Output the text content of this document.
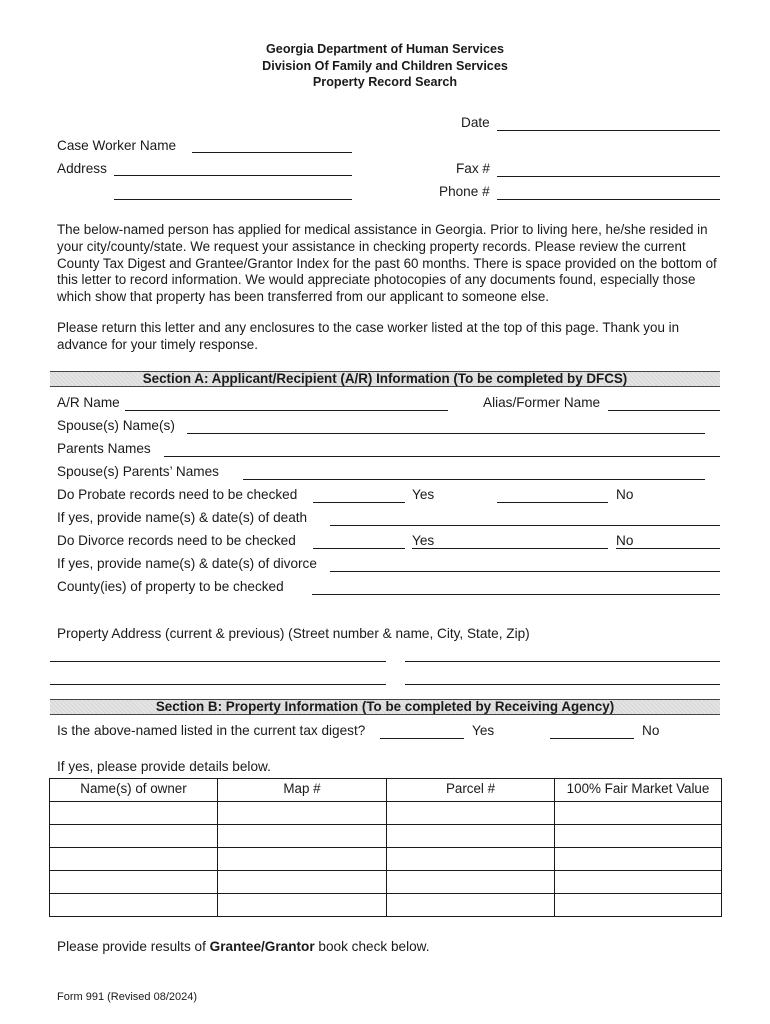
Georgia Department of Human Services
Division Of Family and Children Services
Property Record Search
Date
Case Worker Name
Address	Fax #
Phone #
The below-named person has applied for medical assistance in Georgia. Prior to living here, he/she resided in your city/county/state. We request your assistance in checking property records. Please review the current County Tax Digest and Grantee/Grantor Index for the past 60 months. There is space provided on the bottom of this letter to record information. We would appreciate photocopies of any documents found, especially those which show that property has been transferred from our applicant to someone else.
Please return this letter and any enclosures to the case worker listed at the top of this page. Thank you in advance for your timely response.
Section A: Applicant/Recipient (A/R) Information (To be completed by DFCS)
A/R Name	Alias/Former Name
Spouse(s) Name(s)
Parents Names
Spouse(s) Parents’ Names
Do Probate records need to be checked	Yes	No
If yes, provide name(s) & date(s) of death
Do Divorce records need to be checked	Yes	No
If yes, provide name(s) & date(s) of divorce
County(ies) of property to be checked
Property Address (current & previous) (Street number & name, City, State, Zip)
Section B: Property Information (To be completed by Receiving Agency)
Is the above-named listed in the current tax digest?	Yes	No
If yes, please provide details below.
Name(s) of owner	Map #	Parcel #	100% Fair Market Value

Please provide results of Grantee/Grantor book check below.
Form 991 (Revised 08/2024)
